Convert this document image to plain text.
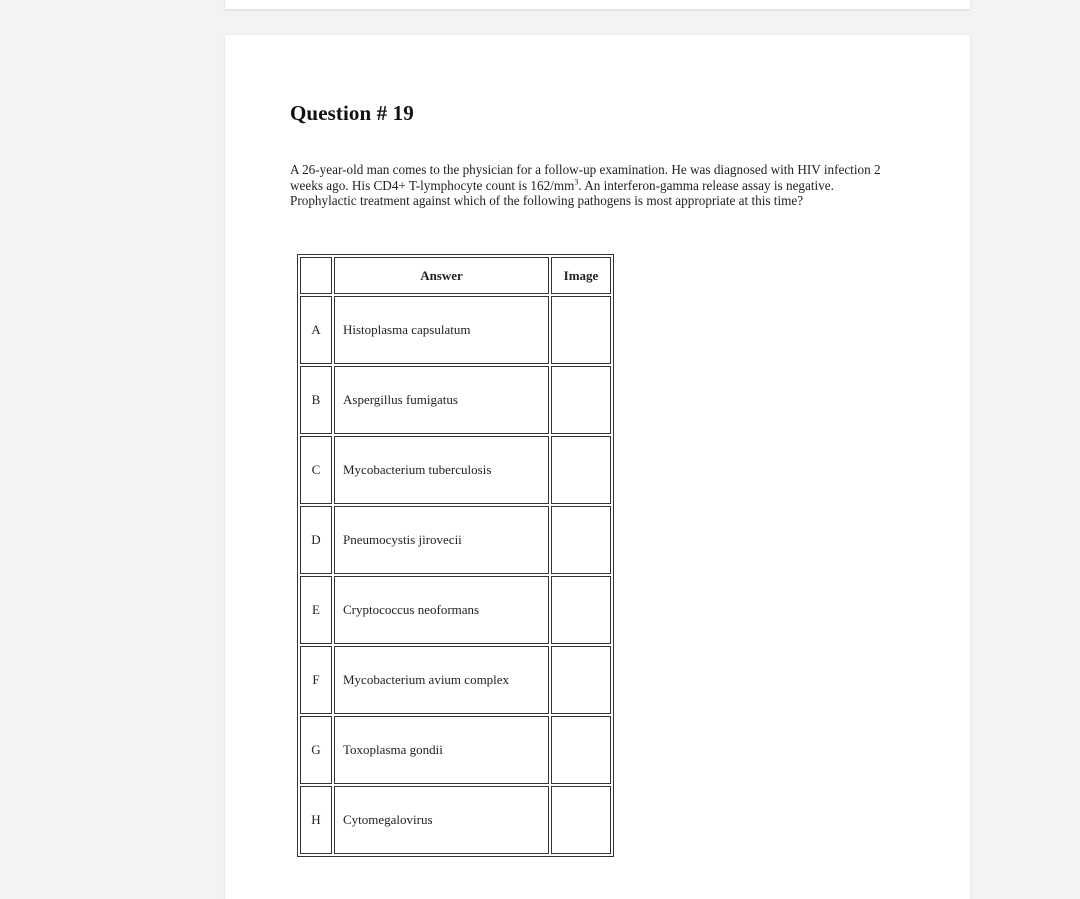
Question # 19

A 26-year-old man comes to the physician for a follow-up examination. He was diagnosed with HIV infection 2 weeks ago. His CD4+ T-lymphocyte count is $162/mm^3$. An interferon-gamma release assay is negative. Prophylactic treatment against which of the following pathogens is most appropriate at this time?

	Answer	Image
A	Histoplasma capsulatum	
B	Aspergillus fumigatus	
C	Mycobacterium tuberculosis	
D	Pneumocystis jirovecii	
E	Cryptococcus neoformans	
F	Mycobacterium avium complex	
G	Toxoplasma gondii	
H	Cytomegalovirus	
